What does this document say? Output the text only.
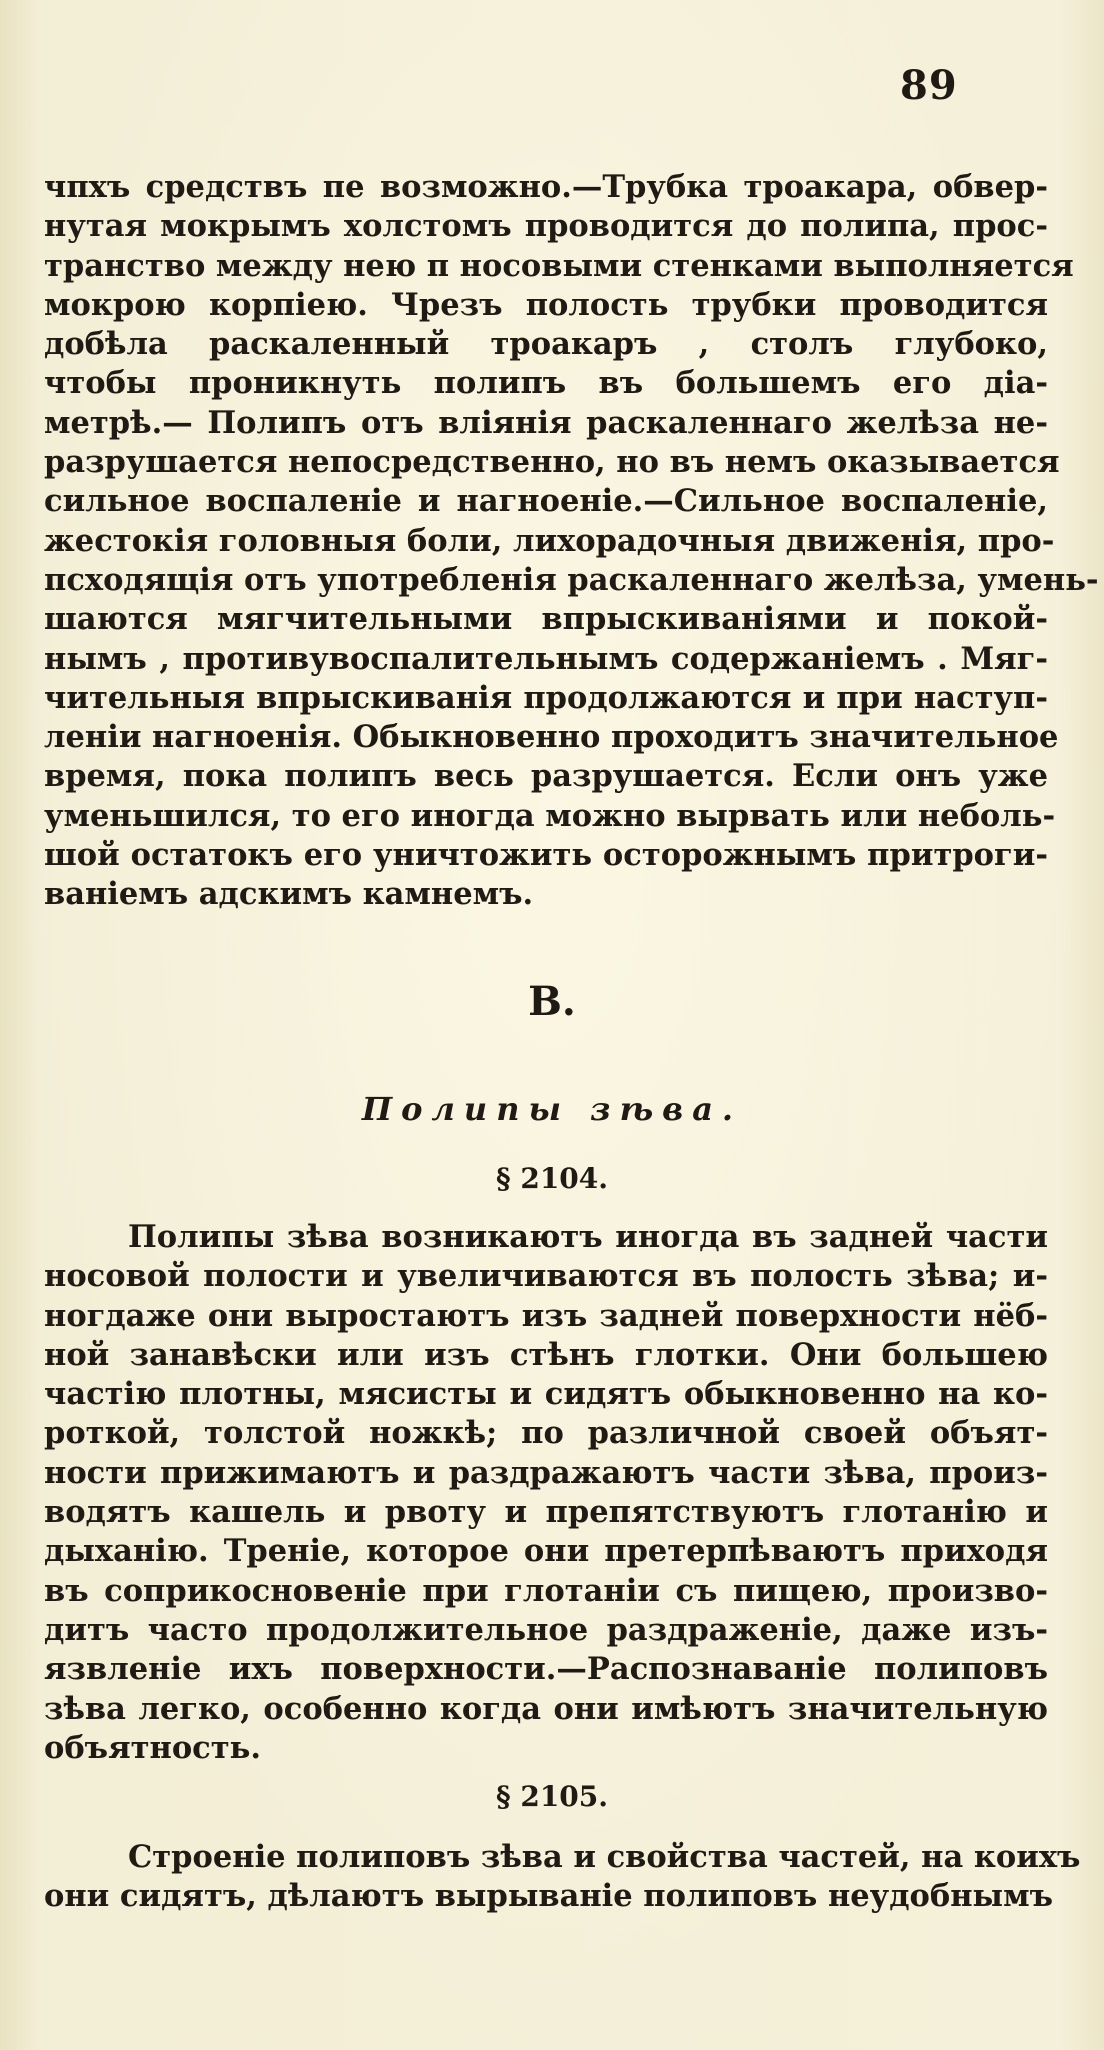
89
чпхъ средствъ пе возможно.—Трубка троакара, обвер-
нутая мокрымъ холстомъ проводится до полипа, прос-
транство между нею п носовыми стенками выполняется
мокрою корпіею. Чрезъ полость трубки проводится
добѣла раскаленный троакаръ , столъ глубоко,
чтобы проникнуть полипъ въ большемъ его діа-
метрѣ.— Полипъ отъ вліянія раскаленнаго желѣза не-
разрушается непосредственно, но въ немъ оказывается
сильное воспаленіе и нагноеніе.—Сильное воспаленіе,
жестокія головныя боли, лихорадочныя движенія, про-
псходящія отъ употребленія раскаленнаго желѣза, умень-
шаются мягчительными впрыскиваніями и покой-
нымъ , противувоспалительнымъ содержаніемъ . Мяг-
чительныя впрыскиванія продолжаются и при наступ-
леніи нагноенія. Обыкновенно проходитъ значительное
время, пока полипъ весь разрушается. Если онъ уже
уменьшился, то его иногда можно вырвать или неболь-
шой остатокъ его уничтожить осторожнымъ притроги-
ваніемъ адскимъ камнемъ.
В.
Полипы зѣва.
§ 2104.
Полипы зѣва возникаютъ иногда въ задней части
носовой полости и увеличиваются въ полость зѣва; и-
ногдаже они выростаютъ изъ задней поверхности нёб-
ной занавѣски или изъ стѣнъ глотки. Они большею
частію плотны, мясисты и сидятъ обыкновенно на ко-
роткой, толстой ножкѣ; по различной своей объят-
ности прижимаютъ и раздражаютъ части зѣва, произ-
водятъ кашель и рвоту и препятствуютъ глотанію и
дыханію. Треніе, которое они претерпѣваютъ приходя
въ соприкосновеніе при глотаніи съ пищею, произво-
дитъ часто продолжительное раздраженіе, даже изъ-
язвленіе ихъ поверхности.—Распознаваніе полиповъ
зѣва легко, особенно когда они имѣютъ значительную
объятность.
§ 2105.
Строеніе полиповъ зѣва и свойства частей, на коихъ
они сидятъ, дѣлаютъ вырываніе полиповъ неудобнымъ
